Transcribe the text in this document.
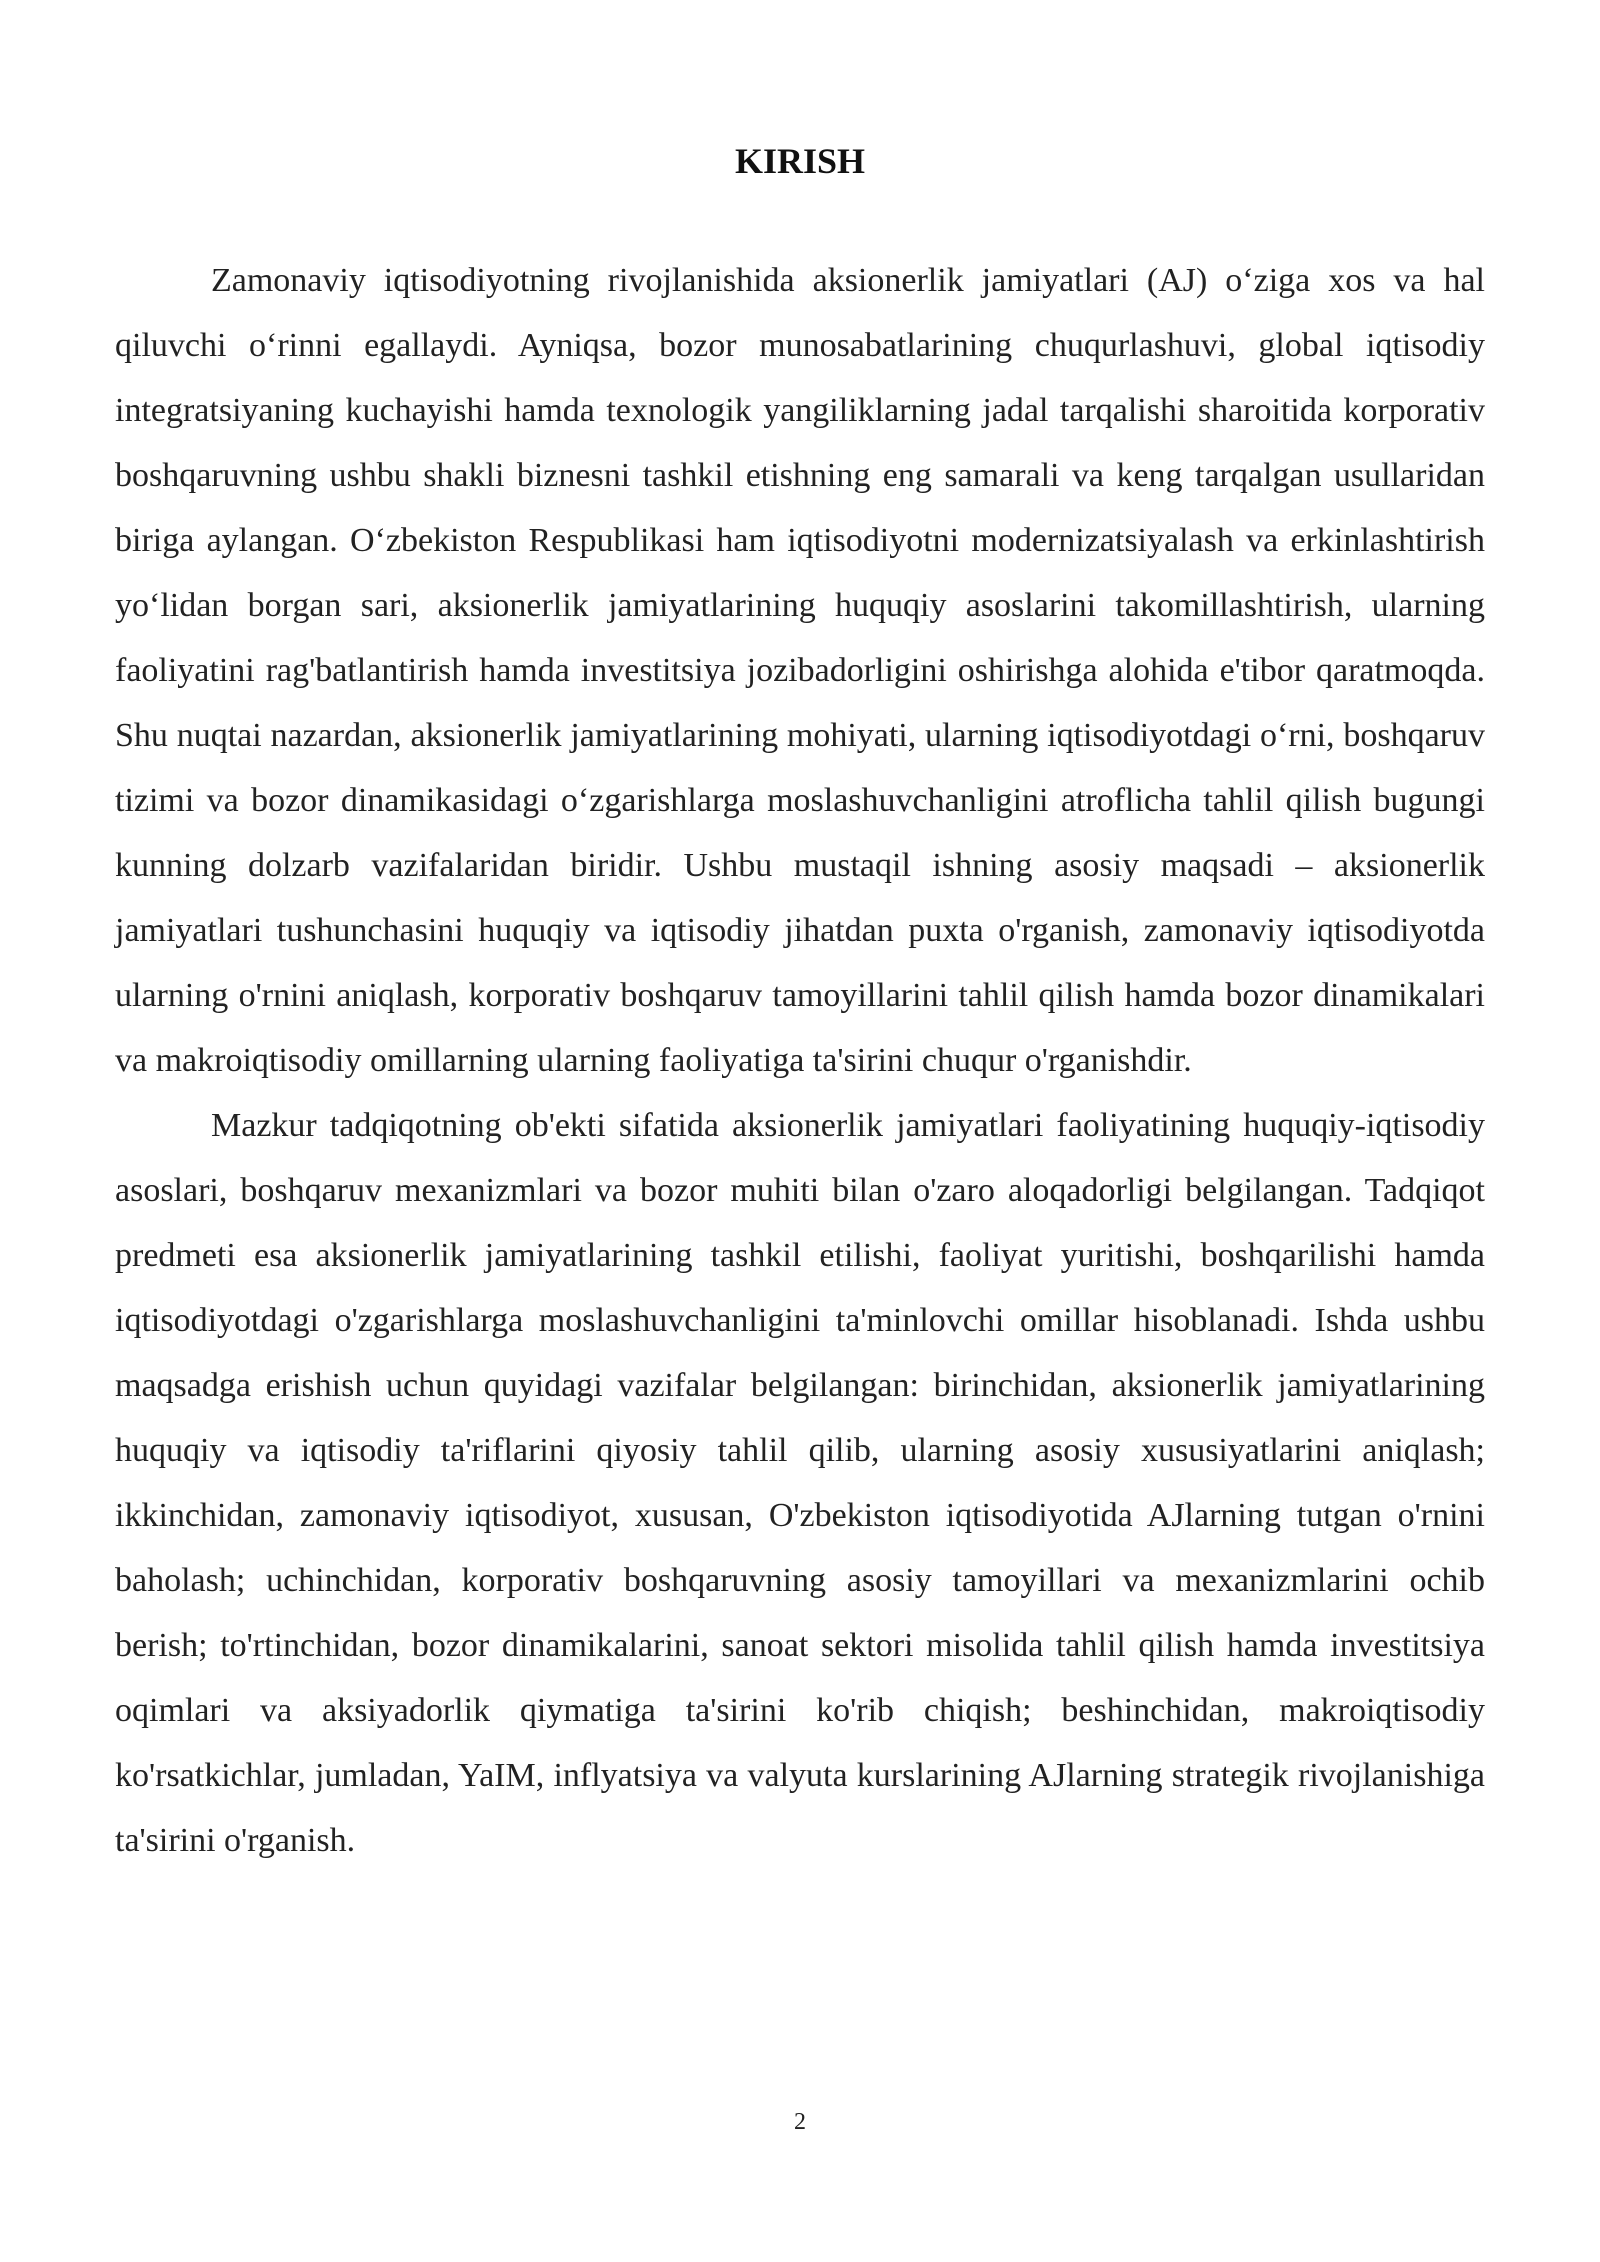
KIRISH

Zamonaviy iqtisodiyotning rivojlanishida aksionerlik jamiyatlari (AJ) o‘ziga xos va hal qiluvchi o‘rinni egallaydi. Ayniqsa, bozor munosabatlarining chuqurlashuvi, global iqtisodiy integratsiyaning kuchayishi hamda texnologik yangiliklarning jadal tarqalishi sharoitida korporativ boshqaruvning ushbu shakli biznesni tashkil etishning eng samarali va keng tarqalgan usullaridan biriga aylangan. O‘zbekiston Respublikasi ham iqtisodiyotni modernizatsiyalash va erkinlashtirish yo‘lidan borgan sari, aksionerlik jamiyatlarining huquqiy asoslarini takomillashtirish, ularning faoliyatini rag'batlantirish hamda investitsiya jozibadorligini oshirishga alohida e'tibor qaratmoqda. Shu nuqtai nazardan, aksionerlik jamiyatlarining mohiyati, ularning iqtisodiyotdagi o‘rni, boshqaruv tizimi va bozor dinamikasidagi o‘zgarishlarga moslashuvchanligini atroflicha tahlil qilish bugungi kunning dolzarb vazifalaridan biridir. Ushbu mustaqil ishning asosiy maqsadi – aksionerlik jamiyatlari tushunchasini huquqiy va iqtisodiy jihatdan puxta o'rganish, zamonaviy iqtisodiyotda ularning o'rnini aniqlash, korporativ boshqaruv tamoyillarini tahlil qilish hamda bozor dinamikalari va makroiqtisodiy omillarning ularning faoliyatiga ta'sirini chuqur o'rganishdir.

Mazkur tadqiqotning ob'ekti sifatida aksionerlik jamiyatlari faoliyatining huquqiy-iqtisodiy asoslari, boshqaruv mexanizmlari va bozor muhiti bilan o'zaro aloqadorligi belgilangan. Tadqiqot predmeti esa aksionerlik jamiyatlarining tashkil etilishi, faoliyat yuritishi, boshqarilishi hamda iqtisodiyotdagi o'zgarishlarga moslashuvchanligini ta'minlovchi omillar hisoblanadi. Ishda ushbu maqsadga erishish uchun quyidagi vazifalar belgilangan: birinchidan, aksionerlik jamiyatlarining huquqiy va iqtisodiy ta'riflarini qiyosiy tahlil qilib, ularning asosiy xususiyatlarini aniqlash; ikkinchidan, zamonaviy iqtisodiyot, xususan, O'zbekiston iqtisodiyotida AJlarning tutgan o'rnini baholash; uchinchidan, korporativ boshqaruvning asosiy tamoyillari va mexanizmlarini ochib berish; to'rtinchidan, bozor dinamikalarini, sanoat sektori misolida tahlil qilish hamda investitsiya oqimlari va aksiyadorlik qiymatiga ta'sirini ko'rib chiqish; beshinchidan, makroiqtisodiy ko'rsatkichlar, jumladan, YaIM, inflyatsiya va valyuta kurslarining AJlarning strategik rivojlanishiga ta'sirini o'rganish.

2
